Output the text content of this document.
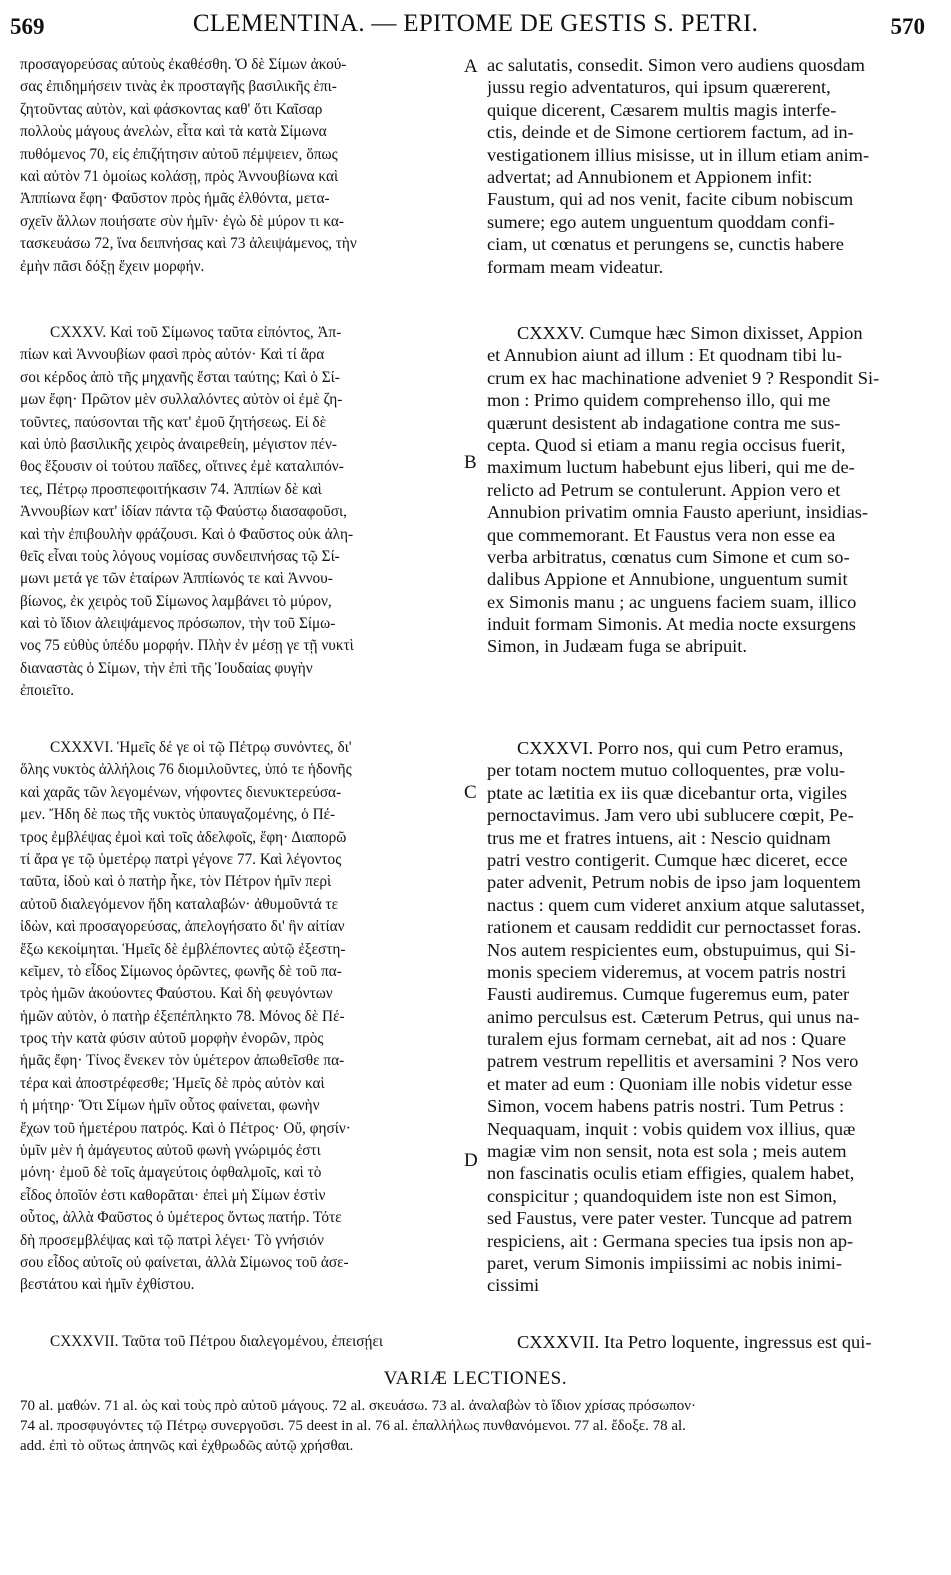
569	CLEMENTINA. — EPITOME DE GESTIS S. PETRI.	570
προσαγορεύσας αὐτοὺς ἐκαθέσθη. Ὁ δὲ Σίμων ἀκού-
σας ἐπιδημήσειν τινὰς ἐκ προσταγῆς βασιλικῆς ἐπι-
ζητοῦντας αὐτὸν, καὶ φάσκοντας καθ' ὅτι Καῖσαρ
πολλοὺς μάγους ἀνελὼν, εἶτα καὶ τὰ κατὰ Σίμωνα
πυθόμενος 70, εἰς ἐπιζήτησιν αὐτοῦ πέμψειεν, ὅπως
καὶ αὐτὸν 71 ὁμοίως κολάσῃ, πρὸς Ἀννουβίωνα καὶ
Ἀππίωνα ἔφη· Φαῦστον πρὸς ἡμᾶς ἐλθόντα, μετα-
σχεῖν ἄλλων ποιήσατε σὺν ἡμῖν· ἐγὼ δὲ μύρον τι κα-
τασκευάσω 72, ἵνα δειπνήσας καὶ 73 ἀλειψάμενος, τὴν
ἐμὴν πᾶσι δόξῃ ἔχειν μορφήν.
CXXXV. Καὶ τοῦ Σίμωνος ταῦτα εἰπόντος, Ἀπ-
πίων καὶ Ἀννουβίων φασὶ πρὸς αὐτόν· Καὶ τί ἄρα
σοι κέρδος ἀπὸ τῆς μηχανῆς ἔσται ταύτης; Καὶ ὁ Σί-
μων ἔφη· Πρῶτον μὲν συλλαλόντες αὐτὸν οἱ ἐμὲ ζη-
τοῦντες, παύσονται τῆς κατ' ἐμοῦ ζητήσεως. Εἰ δὲ
καὶ ὑπὸ βασιλικῆς χειρὸς ἀναιρεθείη, μέγιστον πέν-
θος ἕξουσιν οἱ τούτου παῖδες, οἵτινες ἐμὲ καταλιπόν-
τες, Πέτρῳ προσπεφοιτήκασιν 74. Ἀππίων δὲ καὶ
Ἀννουβίων κατ' ἰδίαν πάντα τῷ Φαύστῳ διασαφοῦσι,
καὶ τὴν ἐπιβουλὴν φράζουσι. Καὶ ὁ Φαῦστος οὐκ ἀλη-
θεῖς εἶναι τοὺς λόγους νομίσας συνδειπνήσας τῷ Σί-
μωνι μετά γε τῶν ἑταίρων Ἀππίωνός τε καὶ Ἀννου-
βίωνος, ἐκ χειρὸς τοῦ Σίμωνος λαμβάνει τὸ μύρον,
καὶ τὸ ἴδιον ἀλειψάμενος πρόσωπον, τὴν τοῦ Σίμω-
νος 75 εὐθὺς ὑπέδυ μορφήν. Πλὴν ἐν μέσῃ γε τῇ νυκτὶ
διαναστὰς ὁ Σίμων, τὴν ἐπὶ τῆς Ἰουδαίας φυγὴν
ἐποιεῖτο.
CXXXVI. Ἡμεῖς δέ γε οἱ τῷ Πέτρῳ συνόντες, δι'
ὅλης νυκτὸς ἀλλήλοις 76 διομιλοῦντες, ὑπό τε ἡδονῆς
καὶ χαρᾶς τῶν λεγομένων, νήφοντες διενυκτερεύσα-
μεν. Ἤδη δὲ πως τῆς νυκτὸς ὑπαυγαζομένης, ὁ Πέ-
τρος ἐμβλέψας ἐμοὶ καὶ τοῖς ἀδελφοῖς, ἔφη· Διαπορῶ
τί ἄρα γε τῷ ὑμετέρῳ πατρὶ γέγονε 77. Καὶ λέγοντος
ταῦτα, ἰδοὺ καὶ ὁ πατὴρ ἧκε, τὸν Πέτρον ἡμῖν περὶ
αὐτοῦ διαλεγόμενον ἤδη καταλαβών· ἀθυμοῦντά τε
ἰδὼν, καὶ προσαγορεύσας, ἀπελογήσατο δι' ἣν αἰτίαν
ἔξω κεκοίμηται. Ἡμεῖς δὲ ἐμβλέποντες αὐτῷ ἐξεστη-
κεῖμεν, τὸ εἶδος Σίμωνος ὁρῶντες, φωνῆς δὲ τοῦ πα-
τρὸς ἡμῶν ἀκούοντες Φαύστου. Καὶ δὴ φευγόντων
ἡμῶν αὐτὸν, ὁ πατὴρ ἐξεπέπληκτο 78. Μόνος δὲ Πέ-
τρος τὴν κατὰ φύσιν αὐτοῦ μορφὴν ἐνορῶν, πρὸς
ἡμᾶς ἔφη· Τίνος ἕνεκεν τὸν ὑμέτερον ἀπωθεῖσθε πα-
τέρα καὶ ἀποστρέφεσθε; Ἡμεῖς δὲ πρὸς αὐτὸν καὶ
ἡ μήτηρ· Ὅτι Σίμων ἡμῖν οὗτος φαίνεται, φωνὴν
ἔχων τοῦ ἡμετέρου πατρός. Καὶ ὁ Πέτρος· Οὔ, φησίν·
ὑμῖν μὲν ἡ ἀμάγευτος αὐτοῦ φωνὴ γνώριμός ἐστι
μόνη· ἐμοῦ δὲ τοῖς ἀμαγεύτοις ὀφθαλμοῖς, καὶ τὸ
εἶδος ὁποῖόν ἐστι καθορᾶται· ἐπεὶ μὴ Σίμων ἐστὶν
οὗτος, ἀλλὰ Φαῦστος ὁ ὑμέτερος ὄντως πατήρ. Τότε
δὴ προσεμβλέψας καὶ τῷ πατρὶ λέγει· Τὸ γνήσιόν
σου εἶδος αὐτοῖς οὐ φαίνεται, ἀλλὰ Σίμωνος τοῦ ἀσε-
βεστάτου καὶ ἡμῖν ἐχθίστου.
CXXXVII. Ταῦτα τοῦ Πέτρου διαλεγομένου, ἐπεισῄει
A
B
C
D
ac salutatis, consedit. Simon vero audiens quosdam
jussu regio adventaturos, qui ipsum quærerent,
quique dicerent, Cæsarem multis magis interfe-
ctis, deinde et de Simone certiorem factum, ad in-
vestigationem illius misisse, ut in illum etiam anim-
advertat; ad Annubionem et Appionem infit:
Faustum, qui ad nos venit, facite cibum nobiscum
sumere; ego autem unguentum quoddam confi-
ciam, ut cœnatus et perungens se, cunctis habere
formam meam videatur.
CXXXV. Cumque hæc Simon dixisset, Appion
et Annubion aiunt ad illum : Et quodnam tibi lu-
crum ex hac machinatione adveniet 9 ? Respondit Si-
mon : Primo quidem comprehenso illo, qui me
quærunt desistent ab indagatione contra me sus-
cepta. Quod si etiam a manu regia occisus fuerit,
maximum luctum habebunt ejus liberi, qui me de-
relicto ad Petrum se contulerunt. Appion vero et
Annubion privatim omnia Fausto aperiunt, insidias-
que commemorant. Et Faustus vera non esse ea
verba arbitratus, cœnatus cum Simone et cum so-
dalibus Appione et Annubione, unguentum sumit
ex Simonis manu ; ac unguens faciem suam, illico
induit formam Simonis. At media nocte exsurgens
Simon, in Judæam fuga se abripuit.
CXXXVI. Porro nos, qui cum Petro eramus,
per totam noctem mutuo colloquentes, præ volu-
ptate ac lætitia ex iis quæ dicebantur orta, vigiles
pernoctavimus. Jam vero ubi sublucere cœpit, Pe-
trus me et fratres intuens, ait : Nescio quidnam
patri vestro contigerit. Cumque hæc diceret, ecce
pater advenit, Petrum nobis de ipso jam loquentem
nactus : quem cum videret anxium atque salutasset,
rationem et causam reddidit cur pernoctasset foras.
Nos autem respicientes eum, obstupuimus, qui Si-
monis speciem videremus, at vocem patris nostri
Fausti audiremus. Cumque fugeremus eum, pater
animo perculsus est. Cæterum Petrus, qui unus na-
turalem ejus formam cernebat, ait ad nos : Quare
patrem vestrum repellitis et aversamini ? Nos vero
et mater ad eum : Quoniam ille nobis videtur esse
Simon, vocem habens patris nostri. Tum Petrus :
Nequaquam, inquit : vobis quidem vox illius, quæ
magiæ vim non sensit, nota est sola ; meis autem
non fascinatis oculis etiam effigies, qualem habet,
conspicitur ; quandoquidem iste non est Simon,
sed Faustus, vere pater vester. Tuncque ad patrem
respiciens, ait : Germana species tua ipsis non ap-
paret, verum Simonis impiissimi ac nobis inimi-
cissimi
CXXXVII. Ita Petro loquente, ingressus est qui-
VARIÆ LECTIONES.
70 al. μαθών. 71 al. ὡς καὶ τοὺς πρὸ αὐτοῦ μάγους. 72 al. σκευάσω. 73 al. ἀναλαβὼν τὸ ἴδιον χρίσας πρόσωπον·
74 al. προσφυγόντες τῷ Πέτρῳ συνεργοῦσι. 75 deest in al. 76 al. ἐπαλλήλως πυνθανόμενοι. 77 al. ἔδοξε. 78 al.
add. ἐπὶ τὸ οὕτως ἀπηνῶς καὶ ἐχθρωδῶς αὐτῷ χρήσθαι.
